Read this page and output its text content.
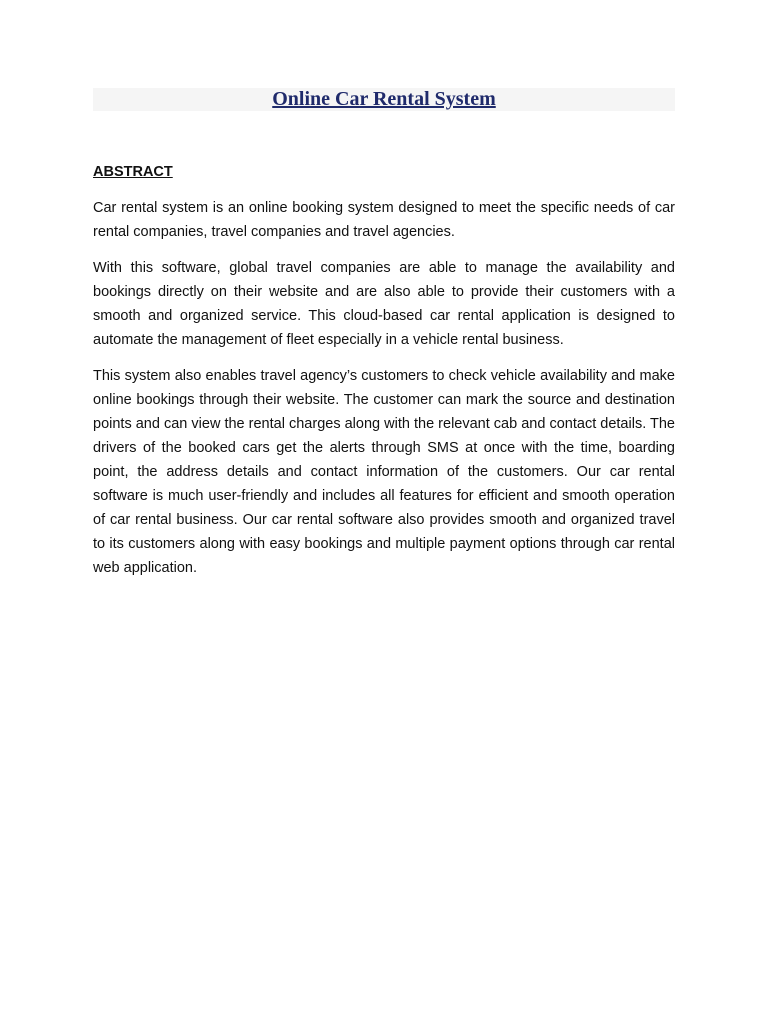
Online Car Rental System
ABSTRACT

Car rental system is an online booking system designed to meet the specific needs of car rental companies, travel companies and travel agencies.

With this software, global travel companies are able to manage the availability and bookings directly on their website and are also able to provide their customers with a smooth and organized service. This cloud-based car rental application is designed to automate the management of fleet especially in a vehicle rental business.

This system also enables travel agency’s customers to check vehicle availability and make online bookings through their website. The customer can mark the source and destination points and can view the rental charges along with the relevant cab and contact details. The drivers of the booked cars get the alerts through SMS at once with the time, boarding point, the address details and contact information of the customers. Our car rental software is much user-friendly and includes all features for efficient and smooth operation of car rental business. Our car rental software also provides smooth and organized travel to its customers along with easy bookings and multiple payment options through car rental web application.
